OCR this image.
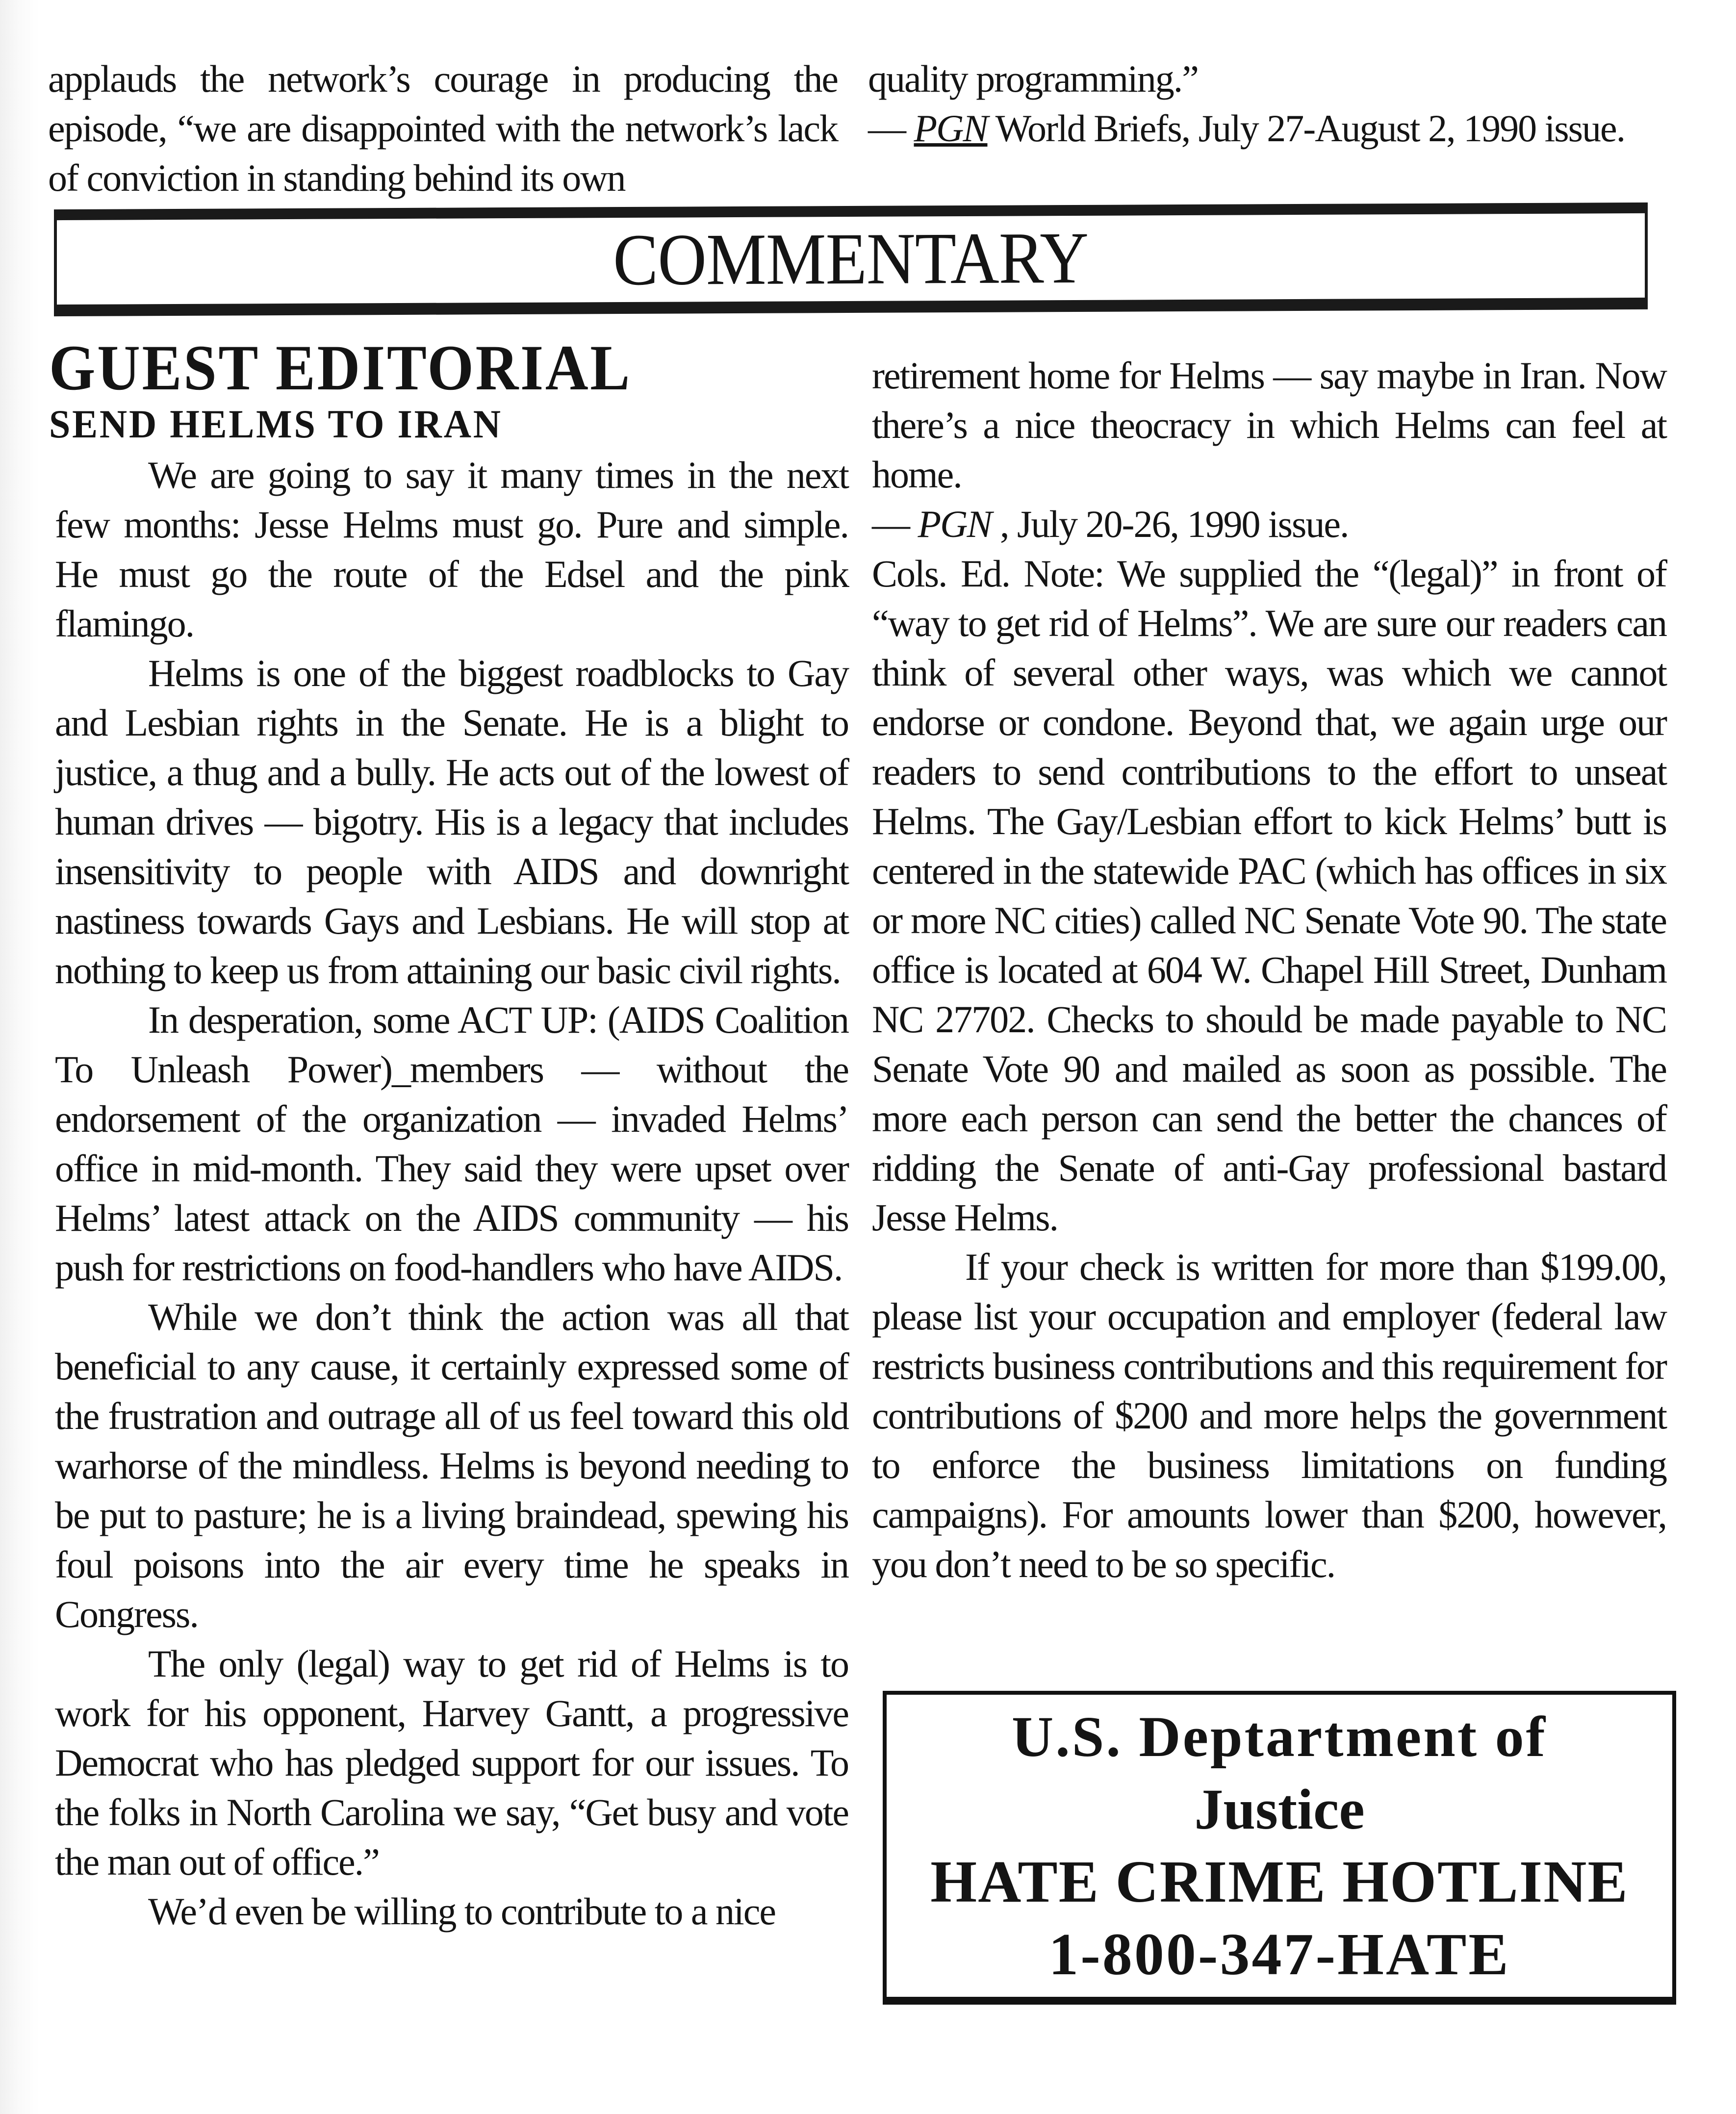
applauds the network’s courage in producing the episode, “we are disappointed with the network’s lack of conviction in standing behind its own

quality programming.”
— PGN World Briefs, July 27-August 2, 1990 issue.
COMMENTARY
GUEST EDITORIAL
SEND HELMS TO IRAN

We are going to say it many times in the next few months: Jesse Helms must go. Pure and simple. He must go the route of the Edsel and the pink flamingo.

Helms is one of the biggest roadblocks to Gay and Lesbian rights in the Senate. He is a blight to justice, a thug and a bully. He acts out of the lowest of human drives — bigotry. His is a legacy that includes insensitivity to people with AIDS and downright nastiness towards Gays and Lesbians. He will stop at nothing to keep us from attaining our basic civil rights.

In desperation, some ACT UP: (AIDS Coalition To Unleash Power)_members — without the endorsement of the organization — invaded Helms’ office in mid-month. They said they were upset over Helms’ latest attack on the AIDS community — his push for restrictions on food-handlers who have AIDS.

While we don’t think the action was all that beneficial to any cause, it certainly expressed some of the frustration and outrage all of us feel toward this old warhorse of the mindless. Helms is beyond needing to be put to pasture; he is a living braindead, spewing his foul poisons into the air every time he speaks in Congress.

The only (legal) way to get rid of Helms is to work for his opponent, Harvey Gantt, a progressive Democrat who has pledged support for our issues. To the folks in North Carolina we say, “Get busy and vote the man out of office.”

We’d even be willing to contribute to a nice

retirement home for Helms — say maybe in Iran. Now there’s a nice theocracy in which Helms can feel at home.

— PGN , July 20-26, 1990 issue.

Cols. Ed. Note: We supplied the “(legal)” in front of “way to get rid of Helms”. We are sure our readers can think of several other ways, was which we cannot endorse or condone. Beyond that, we again urge our readers to send contributions to the effort to unseat Helms. The Gay/Lesbian effort to kick Helms’ butt is centered in the statewide PAC (which has offices in six or more NC cities) called NC Senate Vote 90. The state office is located at 604 W. Chapel Hill Street, Dunham NC 27702. Checks to should be made payable to NC Senate Vote 90 and mailed as soon as possible. The more each person can send the better the chances of ridding the Senate of anti-Gay professional bastard Jesse Helms.

If your check is written for more than $199.00, please list your occupation and employer (federal law restricts business contributions and this requirement for contributions of $200 and more helps the government to enforce the business limitations on funding campaigns). For amounts lower than $200, however, you don’t need to be so specific.

U.S. Deptartment of
Justice
HATE CRIME HOTLINE
1-800-347-HATE
